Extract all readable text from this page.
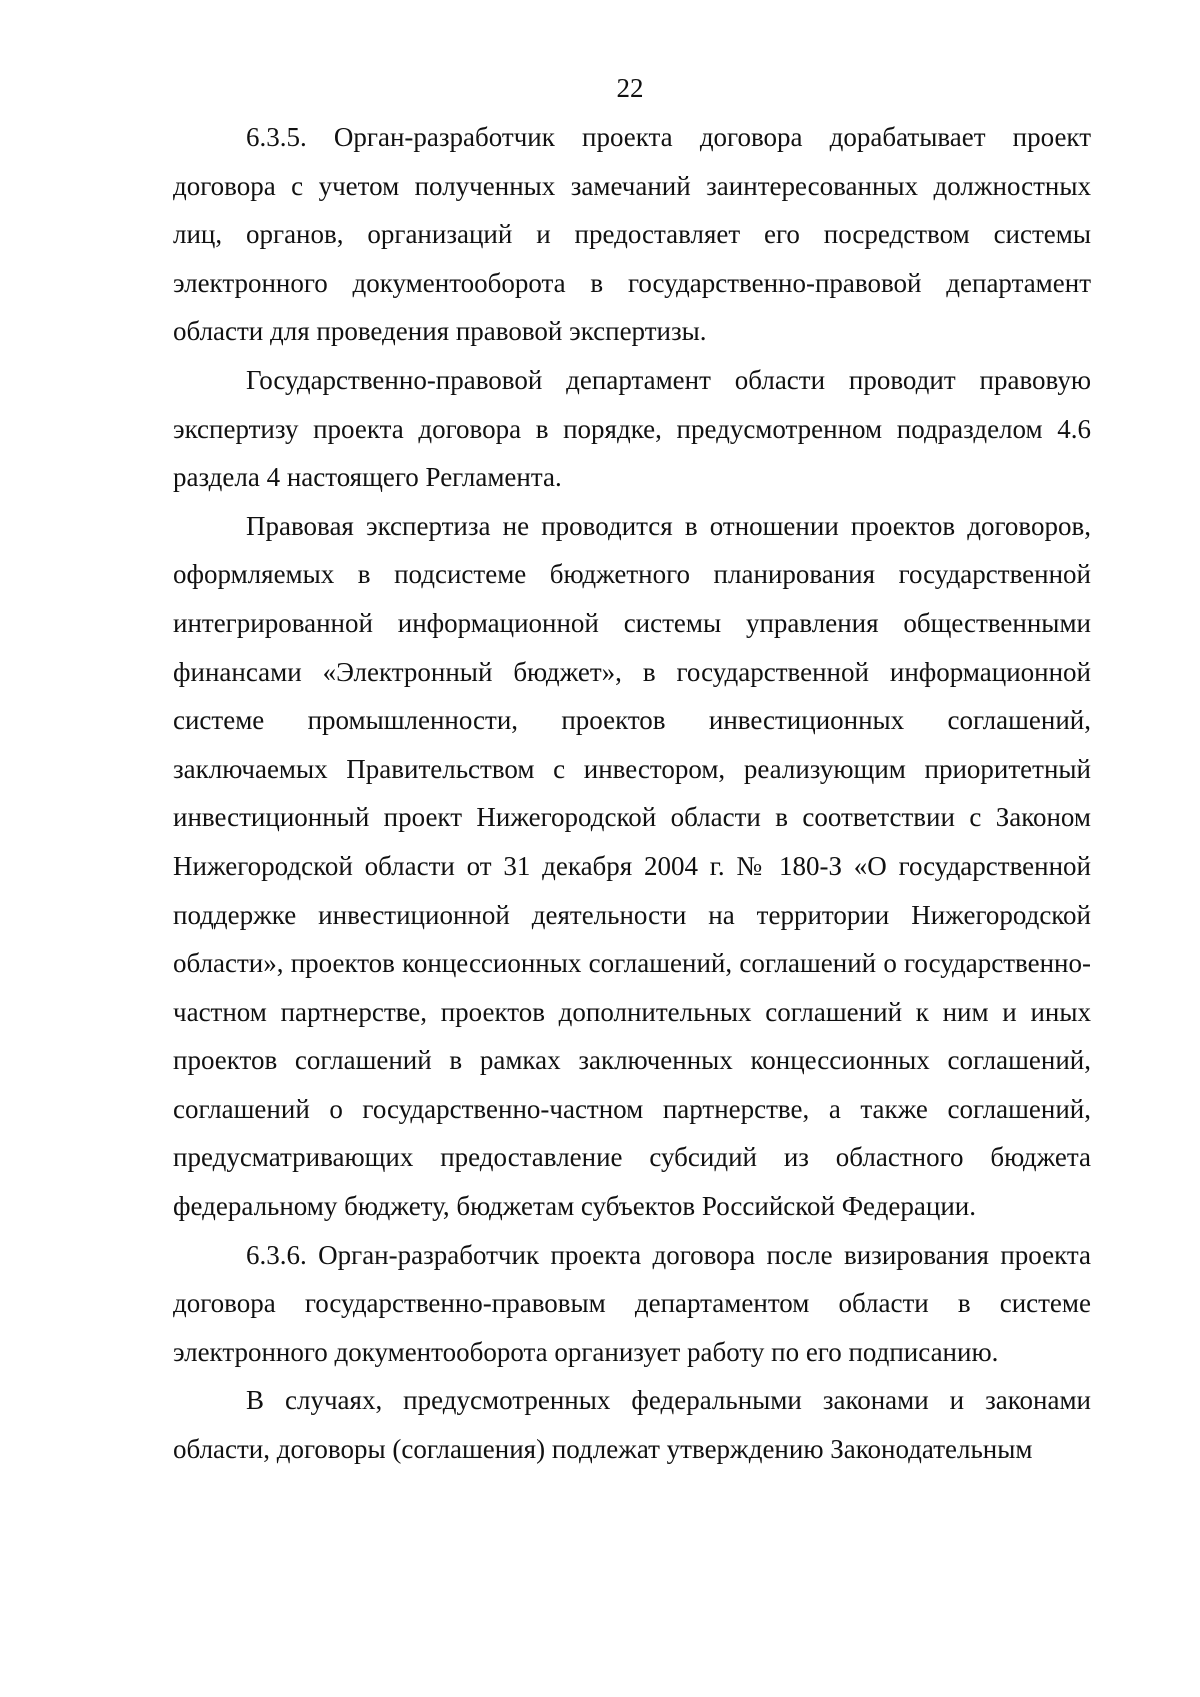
22

6.3.5. Орган-разработчик проекта договора дорабатывает проект договора с учетом полученных замечаний заинтересованных должностных лиц, органов, организаций и предоставляет его посредством системы электронного документооборота в государственно-правовой департамент области для проведения правовой экспертизы.

Государственно-правовой департамент области проводит правовую экспертизу проекта договора в порядке, предусмотренном подразделом 4.6 раздела 4 настоящего Регламента.

Правовая экспертиза не проводится в отношении проектов договоров, оформляемых в подсистеме бюджетного планирования государственной интегрированной информационной системы управления общественными финансами «Электронный бюджет», в государственной информационной системе промышленности, проектов инвестиционных соглашений, заключаемых Правительством с инвестором, реализующим приоритетный инвестиционный проект Нижегородской области в соответствии с Законом Нижегородской области от 31 декабря 2004 г. № 180-З «О государственной поддержке инвестиционной деятельности на территории Нижегородской области», проектов концессионных соглашений, соглашений о государственно-частном партнерстве, проектов дополнительных соглашений к ним и иных проектов соглашений в рамках заключенных концессионных соглашений, соглашений о государственно-частном партнерстве, а также соглашений, предусматривающих предоставление субсидий из областного бюджета федеральному бюджету, бюджетам субъектов Российской Федерации.

6.3.6. Орган-разработчик проекта договора после визирования проекта договора государственно-правовым департаментом области в системе электронного документооборота организует работу по его подписанию.

В случаях, предусмотренных федеральными законами и законами области, договоры (соглашения) подлежат утверждению Законодательным
